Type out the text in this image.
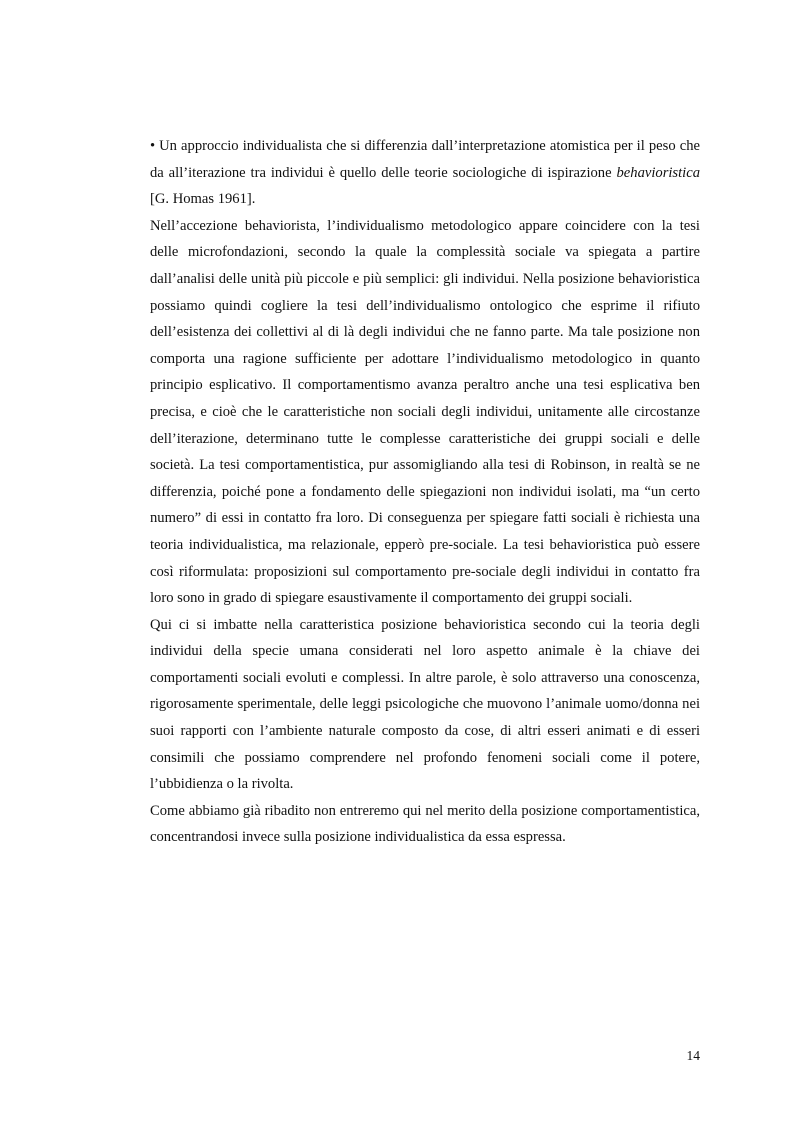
• Un approccio individualista che si differenzia dall’interpretazione atomistica per il peso che da all’iterazione tra individui è quello delle teorie sociologiche di ispirazione behavioristica [G. Homas 1961].

Nell’accezione behaviorista, l’individualismo metodologico appare coincidere con la tesi delle microfondazioni, secondo la quale la complessità sociale va spiegata a partire dall’analisi delle unità più piccole e più semplici: gli individui. Nella posizione behavioristica possiamo quindi cogliere la tesi dell’individualismo ontologico che esprime il rifiuto dell’esistenza dei collettivi al di là degli individui che ne fanno parte. Ma tale posizione non comporta una ragione sufficiente per adottare l’individualismo metodologico in quanto principio esplicativo. Il comportamentismo avanza peraltro anche una tesi esplicativa ben precisa, e cioè che le caratteristiche non sociali degli individui, unitamente alle circostanze dell’iterazione, determinano tutte le complesse caratteristiche dei gruppi sociali e delle società. La tesi comportamentistica, pur assomigliando alla tesi di Robinson, in realtà se ne differenzia, poiché pone a fondamento delle spiegazioni non individui isolati, ma “un certo numero” di essi in contatto fra loro. Di conseguenza per spiegare fatti sociali è richiesta una teoria individualistica, ma relazionale, epperò pre-sociale. La tesi behavioristica può essere così riformulata: proposizioni sul comportamento pre-sociale degli individui in contatto fra loro sono in grado di spiegare esaustivamente il comportamento dei gruppi sociali.

Qui ci si imbatte nella caratteristica posizione behavioristica secondo cui la teoria degli individui della specie umana considerati nel loro aspetto animale è la chiave dei comportamenti sociali evoluti e complessi. In altre parole, è solo attraverso una conoscenza, rigorosamente sperimentale, delle leggi psicologiche che muovono l’animale uomo/donna nei suoi rapporti con l’ambiente naturale composto da cose, di altri esseri animati e di esseri consimili che possiamo comprendere nel profondo fenomeni sociali come il potere, l’ubbidienza o la rivolta.

Come abbiamo già ribadito non entreremo qui nel merito della posizione comportamentistica, concentrandosi invece sulla posizione individualistica da essa espressa.

14
